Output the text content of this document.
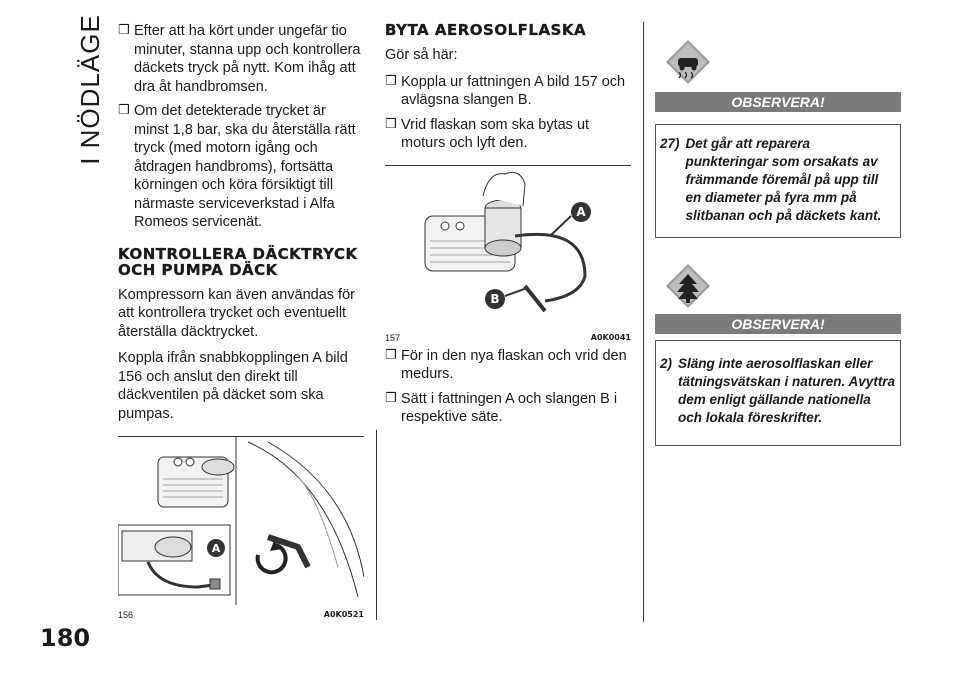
I NÖDLÄGE
180
❒ Efter att ha kört under ungefär tio minuter, stanna upp och kontrollera däckets tryck på nytt. Kom ihåg att dra åt handbromsen.
❒ Om det detekterade trycket är minst 1,8 bar, ska du återställa rätt tryck (med motorn igång och åtdragen handbroms), fortsätta körningen och köra försiktigt till närmaste serviceverkstad i Alfa Romeos servicenät.
KONTROLLERA DÄCKTRYCK OCH PUMPA DÄCK

Kompressorn kan även användas för att kontrollera trycket och eventuellt återställa däcktrycket.

Koppla ifrån snabbkopplingen A bild 156 och anslut den direkt till däckventilen på däcket som ska pumpas.

A
156	A0K0521
BYTA AEROSOLFLASKA

Gör så här:

❒ Koppla ur fattningen A bild 157 och avlägsna slangen B.
❒ Vrid flaskan som ska bytas ut moturs och lyft den.
❒ För in den nya flaskan och vrid den medurs.
❒ Sätt i fattningen A och slangen B i respektive säte.
A
B
157	A0K0041
OBSERVERA!
27) Det går att reparera punkteringar som orsakats av främmande föremål på upp till en diameter på fyra mm på slitbanan och på däckets kant.
OBSERVERA!
2) Släng inte aerosolflaskan eller tätningsvätskan i naturen. Avyttra dem enligt gällande nationella och lokala föreskrifter.
